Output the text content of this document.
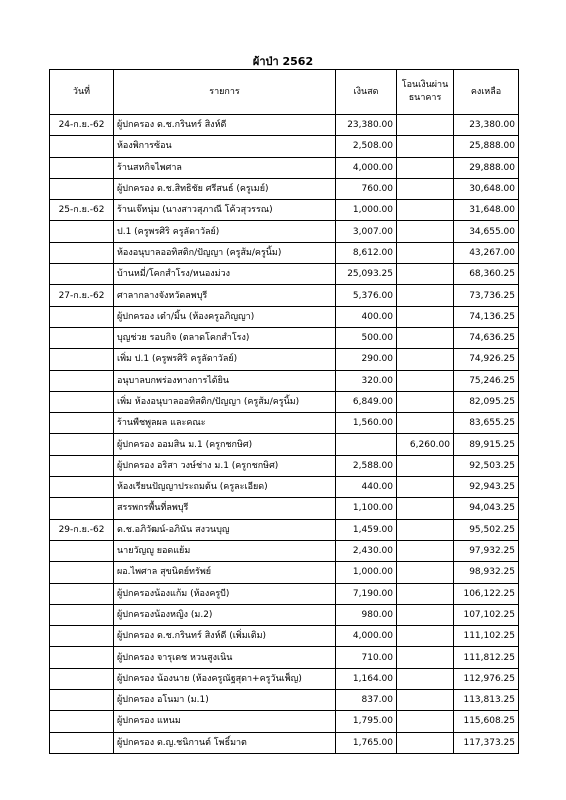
ผ้าป่า 2562
วันที่	รายการ	เงินสด	โอนเงินผ่านธนาคาร	คงเหลือ
24-ก.ย.-62	ผู้ปกครอง ด.ช.กรินทร์ สิงห์ดี	23,380.00		23,380.00
	ห้องพิการซ้อน	2,508.00		25,888.00
	ร้านสหกิจไพศาล	4,000.00		29,888.00
	ผู้ปกครอง ด.ช.สิทธิชัย ศรีสนธ์ (ครูเมย์)	760.00		30,648.00
25-ก.ย.-62	ร้านเจ๊หนุ่ม (นางสาวสุภาณี โค้วสุวรรณ)	1,000.00		31,648.00
	ป.1 (ครูพรศิริ ครูลัดาวัลย์)	3,007.00		34,655.00
	ห้องอนุบาลออทิสติก/ปัญญา (ครูส้ม/ครูนิ้ม)	8,612.00		43,267.00
	บ้านหมี่/โคกสำโรง/หนองม่วง	25,093.25		68,360.25
27-ก.ย.-62	ศาลากลางจังหวัดลพบุรี	5,376.00		73,736.25
	ผู้ปกครอง เต๋า/มิ้น (ห้องครูอภิญญา)	400.00		74,136.25
	บุญช่วย รอบกิจ (ตลาดโคกสำโรง)	500.00		74,636.25
	เพิ่ม ป.1 (ครูพรศิริ ครูลัดาวัลย์)	290.00		74,926.25
	อนุบาลบกพร่องทางการได้ยิน	320.00		75,246.25
	เพิ่ม ห้องอนุบาลออทิสติก/ปัญญา (ครูส้ม/ครูนิ้ม)	6,849.00		82,095.25
	ร้านพืชพูลผล และคณะ	1,560.00		83,655.25
	ผู้ปกครอง ออมสิน ม.1 (ครูกชกษิศ)		6,260.00	89,915.25
	ผู้ปกครอง อริสา วงษ์ช่าง ม.1 (ครูกชกษิศ)	2,588.00		92,503.25
	ห้องเรียนปัญญาประถมต้น (ครูละเอียด)	440.00		92,943.25
	สรรพกรพื้นที่ลพบุรี	1,100.00		94,043.25
29-ก.ย.-62	ด.ช.อภิวัฒน์-อภินัน สงวนบุญ	1,459.00		95,502.25
	นายวัญญู ยอดแย้ม	2,430.00		97,932.25
	ผอ.ไพศาล สุขนิตย์ทรัพย์	1,000.00		98,932.25
	ผู้ปกครองน้องแก้ม (ห้องครูบี)	7,190.00		106,122.25
	ผู้ปกครองน้องหญิง (ม.2)	980.00		107,102.25
	ผู้ปกครอง ด.ช.กรินทร์ สิงห์ดี (เพิ่มเติม)	4,000.00		111,102.25
	ผู้ปกครอง จารุเดช หวนสูงเนิน	710.00		111,812.25
	ผู้ปกครอง น้องนาย (ห้องครูณัฐสุดา+ครูวันเพ็ญ)	1,164.00		112,976.25
	ผู้ปกครอง อโนมา (ม.1)	837.00		113,813.25
	ผู้ปกครอง แหนม	1,795.00		115,608.25
	ผู้ปกครอง ด.ญ.ชนิกานต์ โพธิ์มาต	1,765.00		117,373.25
